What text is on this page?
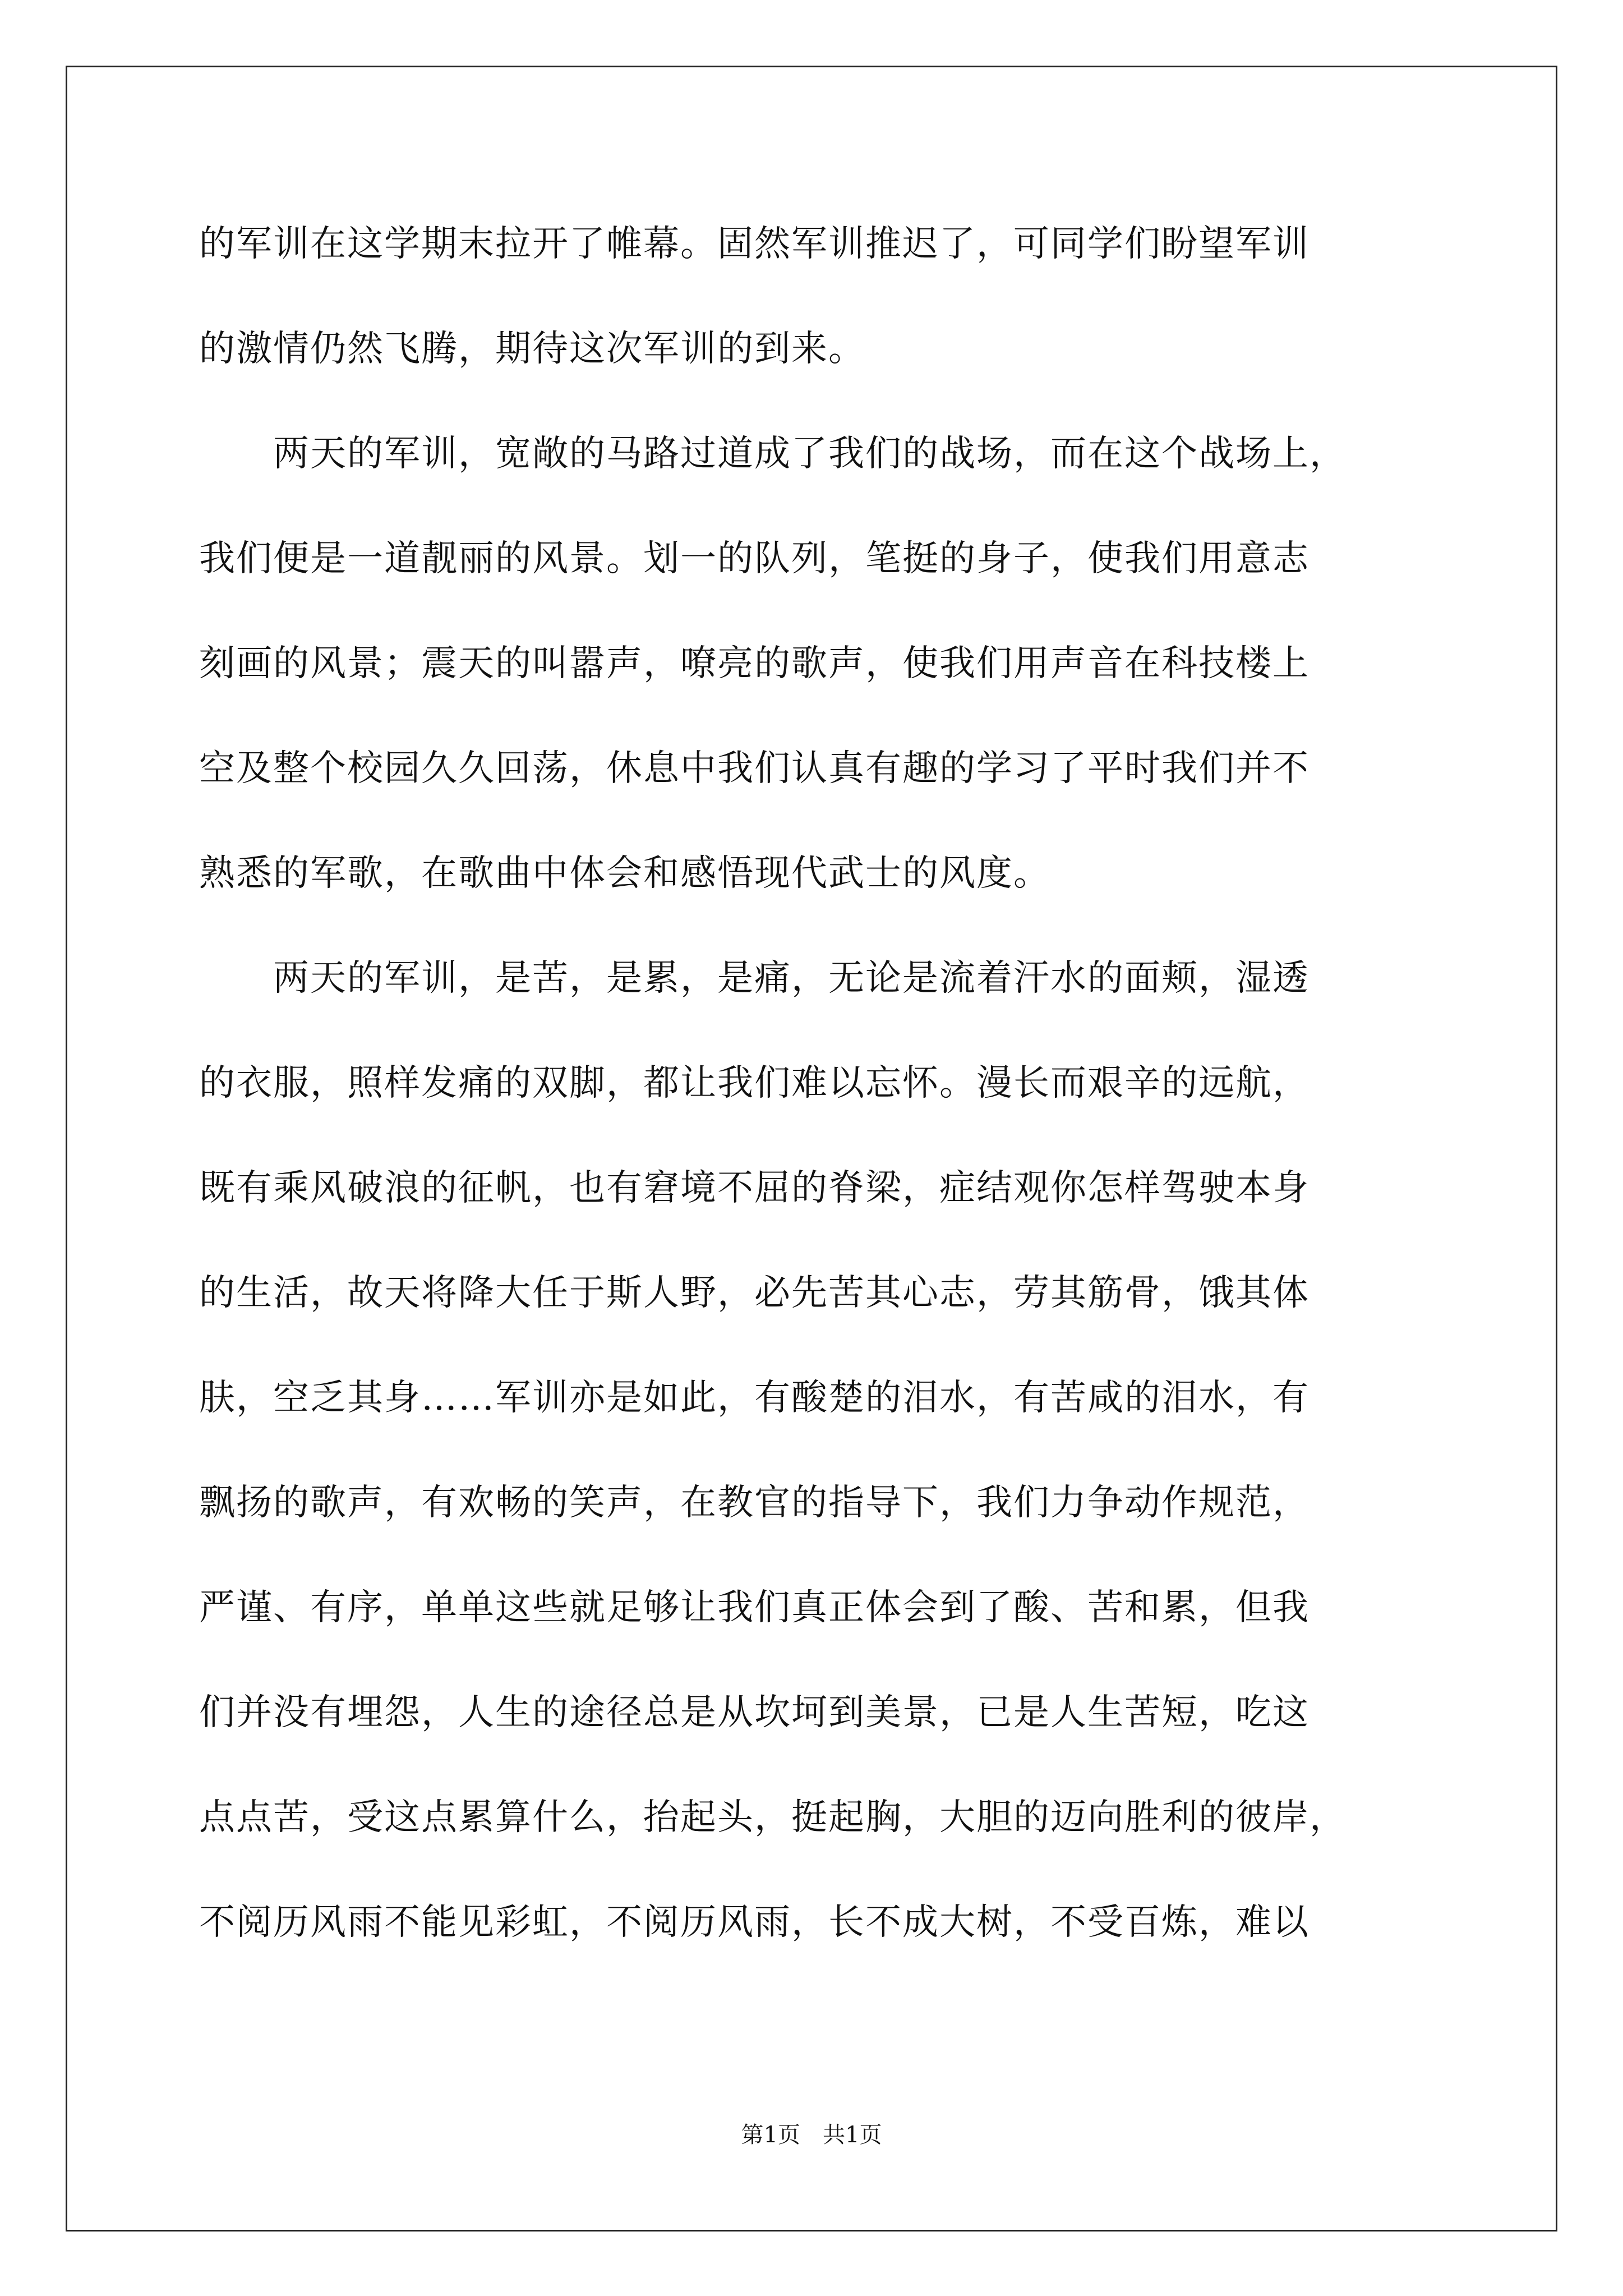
的军训在这学期末拉开了帷幕。固然军训推迟了，可同学们盼望军训
的激情仍然飞腾，期待这次军训的到来。
　　两天的军训，宽敞的马路过道成了我们的战场，而在这个战场上，
我们便是一道靓丽的风景。划一的队列，笔挺的身子，使我们用意志
刻画的风景；震天的叫嚣声，嘹亮的歌声，使我们用声音在科技楼上
空及整个校园久久回荡，休息中我们认真有趣的学习了平时我们并不
熟悉的军歌，在歌曲中体会和感悟现代武士的风度。
　　两天的军训，是苦，是累，是痛，无论是流着汗水的面颊，湿透
的衣服，照样发痛的双脚，都让我们难以忘怀。漫长而艰辛的远航，
既有乘风破浪的征帆，也有窘境不屈的脊梁，症结观你怎样驾驶本身
的生活，故天将降大任于斯人野，必先苦其心志，劳其筋骨，饿其体
肤，空乏其身……军训亦是如此，有酸楚的泪水，有苦咸的泪水，有
飘扬的歌声，有欢畅的笑声，在教官的指导下，我们力争动作规范，
严谨、有序，单单这些就足够让我们真正体会到了酸、苦和累，但我
们并没有埋怨，人生的途径总是从坎坷到美景，已是人生苦短，吃这
点点苦，受这点累算什么，抬起头，挺起胸，大胆的迈向胜利的彼岸，
不阅历风雨不能见彩虹，不阅历风雨，长不成大树，不受百炼，难以
第1页　共1页
